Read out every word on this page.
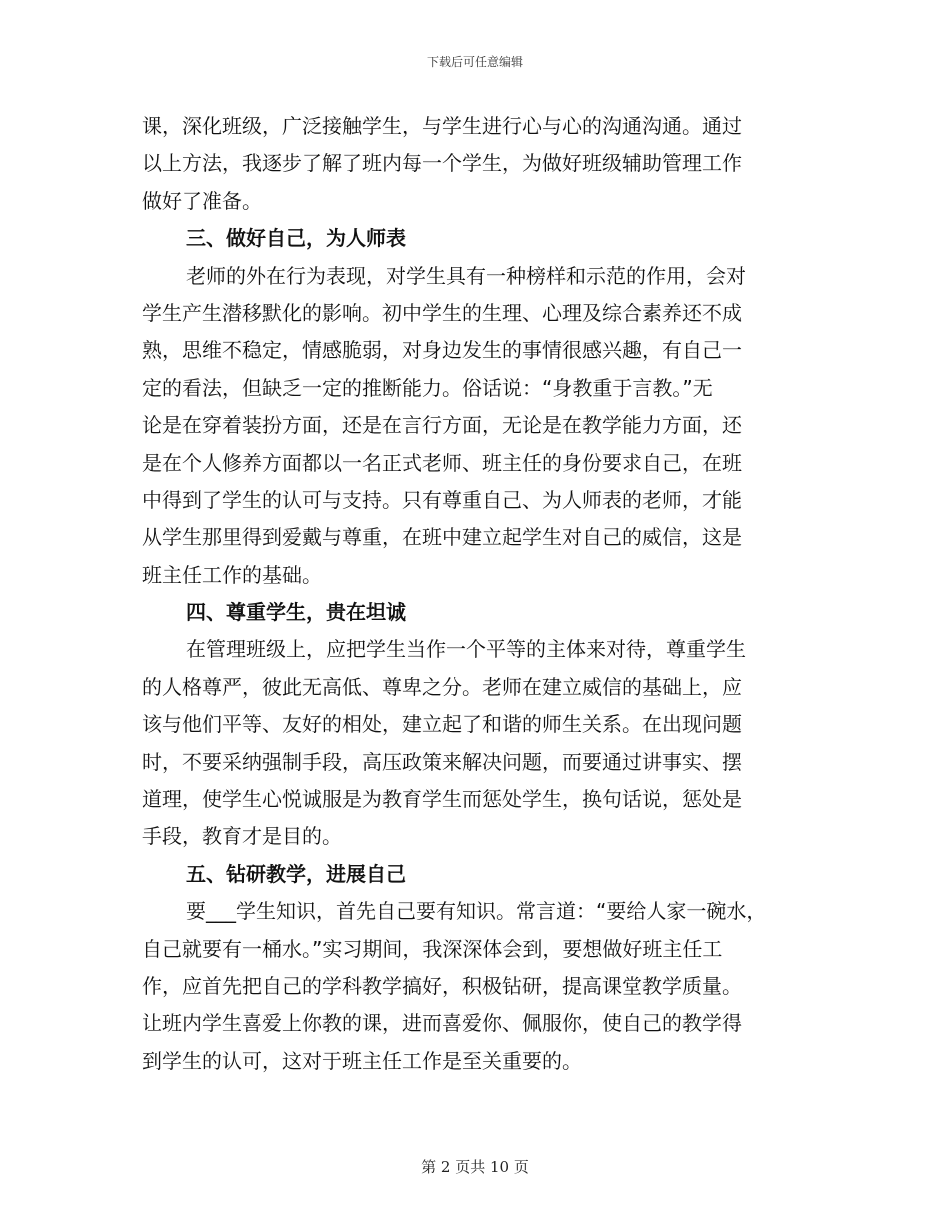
下载后可任意编辑
课，深化班级，广泛接触学生，与学生进行心与心的沟通沟通。通过
以上方法，我逐步了解了班内每一个学生，为做好班级辅助管理工作
做好了准备。
三、做好自己，为人师表
老师的外在行为表现，对学生具有一种榜样和示范的作用，会对
学生产生潜移默化的影响。初中学生的生理、心理及综合素养还不成
熟，思维不稳定，情感脆弱，对身边发生的事情很感兴趣，有自己一
定的看法，但缺乏一定的推断能力。俗话说：“身教重于言教。”无
论是在穿着装扮方面，还是在言行方面，无论是在教学能力方面，还
是在个人修养方面都以一名正式老师、班主任的身份要求自己，在班
中得到了学生的认可与支持。只有尊重自己、为人师表的老师，才能
从学生那里得到爱戴与尊重，在班中建立起学生对自己的威信，这是
班主任工作的基础。
四、尊重学生，贵在坦诚
在管理班级上，应把学生当作一个平等的主体来对待，尊重学生
的人格尊严，彼此无高低、尊卑之分。老师在建立威信的基础上，应
该与他们平等、友好的相处，建立起了和谐的师生关系。在出现问题
时，不要采纳强制手段，高压政策来解决问题，而要通过讲事实、摆
道理，使学生心悦诚服是为教育学生而惩处学生，换句话说，惩处是
手段，教育才是目的。
五、钻研教学，进展自己
要___学生知识，首先自己要有知识。常言道：“要给人家一碗水，
自己就要有一桶水。”实习期间，我深深体会到，要想做好班主任工
作，应首先把自己的学科教学搞好，积极钻研，提高课堂教学质量。
让班内学生喜爱上你教的课，进而喜爱你、佩服你，使自己的教学得
到学生的认可，这对于班主任工作是至关重要的。
第 2 页共 10 页
